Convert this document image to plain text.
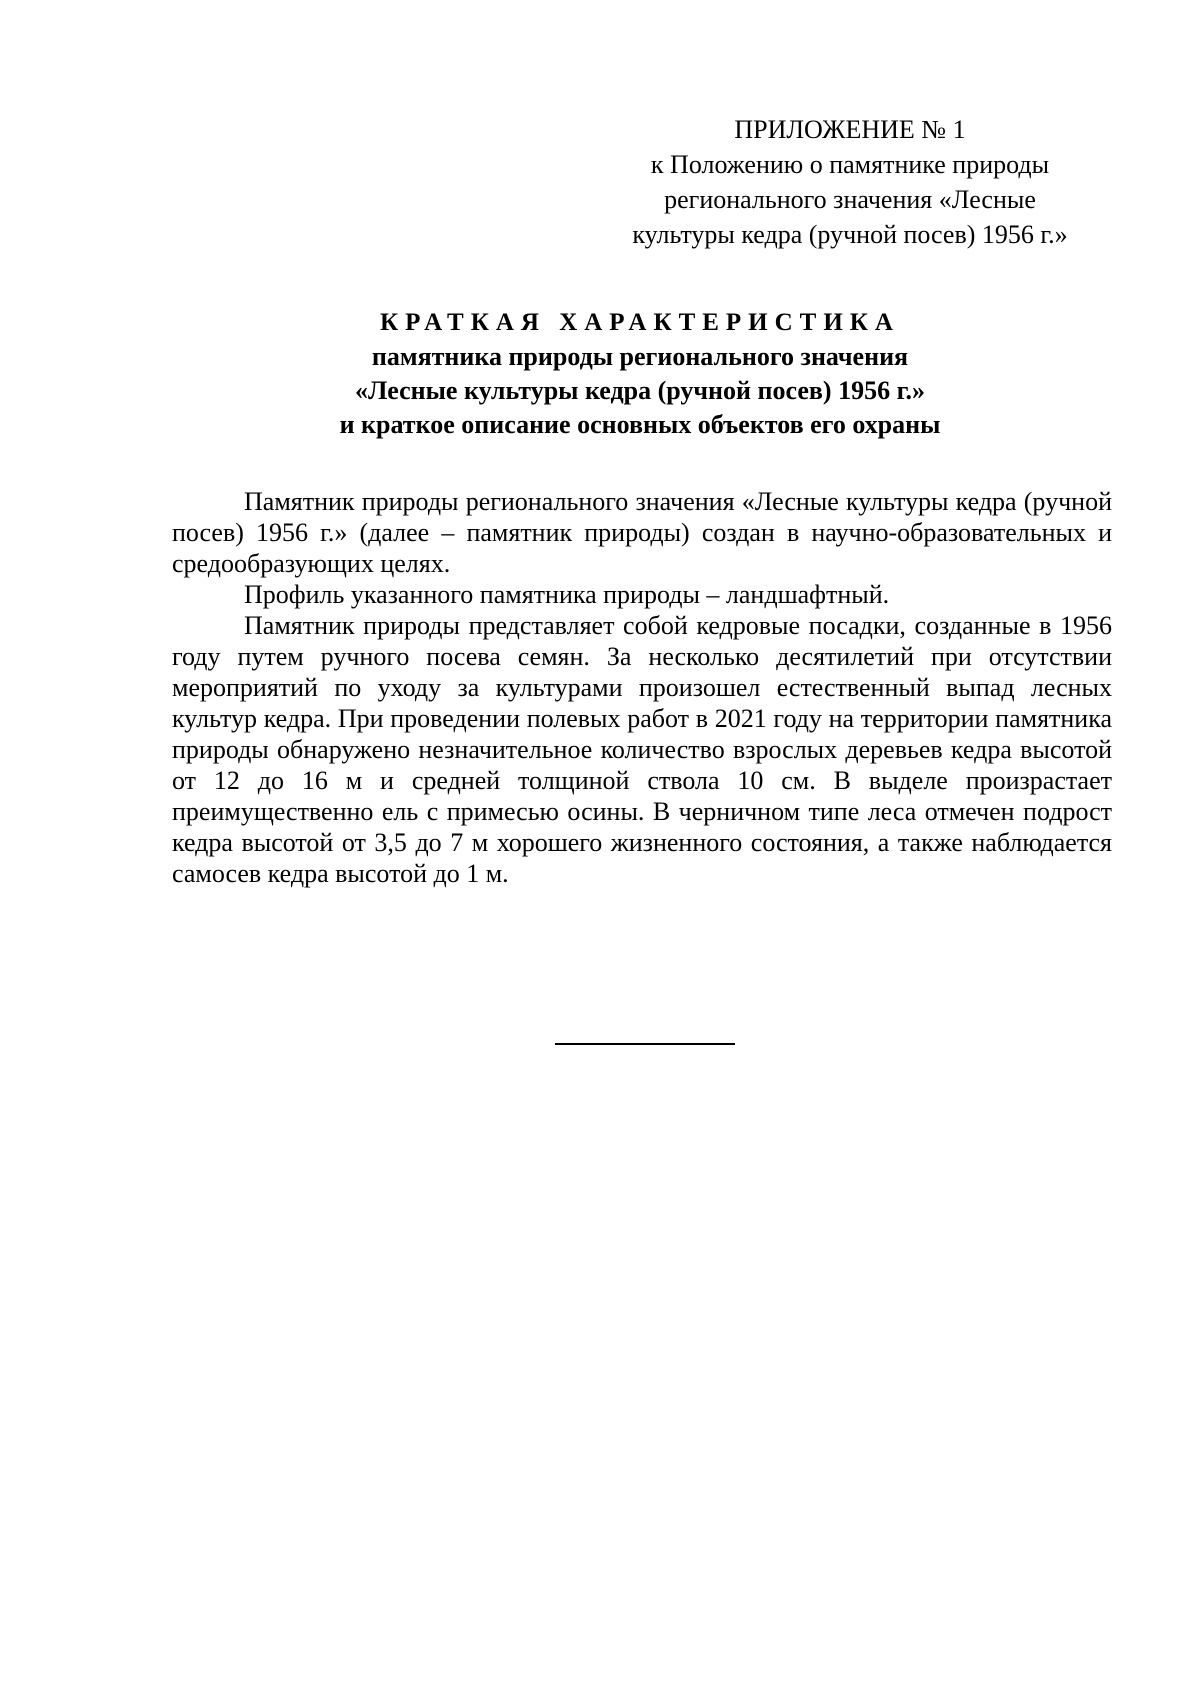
ПРИЛОЖЕНИЕ № 1
к Положению о памятнике природы
регионального значения «Лесные
культуры кедра (ручной посев) 1956 г.»
КРАТКАЯ ХАРАКТЕРИСТИКА
памятника природы регионального значения
«Лесные культуры кедра (ручной посев) 1956 г.»
и краткое описание основных объектов его охраны

Памятник природы регионального значения «Лесные культуры кедра (ручной посев) 1956 г.» (далее – памятник природы) создан в научно-образовательных и средообразующих целях.

Профиль указанного памятника природы – ландшафтный.

Памятник природы представляет собой кедровые посадки, созданные в 1956 году путем ручного посева семян. За несколько десятилетий при отсутствии мероприятий по уходу за культурами произошел естественный выпад лесных культур кедра. При проведении полевых работ в 2021 году на территории памятника природы обнаружено незначительное количество взрослых деревьев кедра высотой от 12 до 16 м и средней толщиной ствола 10 см. В выделе произрастает преимущественно ель с примесью осины. В черничном типе леса отмечен подрост кедра высотой от 3,5 до 7 м хорошего жизненного состояния, а также наблюдается самосев кедра высотой до 1 м.
